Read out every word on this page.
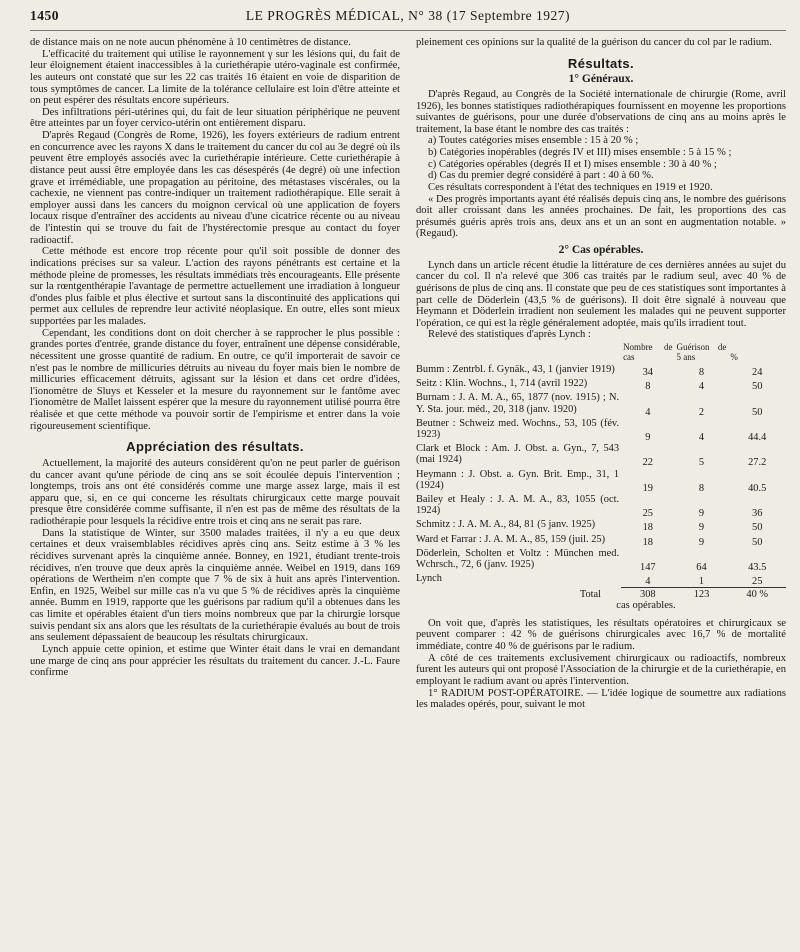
1450	LE PROGRÈS MÉDICAL, N° 38 (17 Septembre 1927)

de distance mais on ne note aucun phénomène à 10 centimètres de distance.

L'efficacité du traitement qui utilise le rayonnement γ sur les lésions qui, du fait de leur éloignement étaient inaccessibles à la curiethérapie utéro-vaginale est confirmée, les auteurs ont constaté que sur les 22 cas traités 16 étaient en voie de disparition de tous symptômes de cancer. La limite de la tolérance cellulaire est loin d'être atteinte et on peut espérer des résultats encore supérieurs.

Des infiltrations péri-utérines qui, du fait de leur situation périphérique ne peuvent être atteintes par un foyer cervico-utérin ont entièrement disparu.

D'après Regaud (Congrès de Rome, 1926), les foyers extérieurs de radium entrent en concurrence avec les rayons X dans le traitement du cancer du col au 3e degré où ils peuvent être employés associés avec la curiethérapie intérieure. Cette curiethérapie à distance peut aussi être employée dans les cas désespérés (4e degré) où une infection grave et irrémédiable, une propagation au péritoine, des métastases viscérales, ou la cachexie, ne viennent pas contre-indiquer un traitement radiothérapique. Elle serait à employer aussi dans les cancers du moignon cervical où une application de foyers locaux risque d'entraîner des accidents au niveau d'une cicatrice récente ou au niveau de l'intestin qui se trouve du fait de l'hystérectomie presque au contact du foyer radioactif.

Cette méthode est encore trop récente pour qu'il soit possible de donner des indications précises sur sa valeur. L'action des rayons pénétrants est certaine et la méthode pleine de promesses, les résultats immédiats très encourageants. Elle présente sur la rœntgenthérapie l'avantage de permettre actuellement une irradiation à longueur d'ondes plus faible et plus élective et surtout sans la discontinuité des applications qui permet aux cellules de reprendre leur activité néoplasique. En outre, elles sont mieux supportées par les malades.

Cependant, les conditions dont on doit chercher à se rapprocher le plus possible : grandes portes d'entrée, grande distance du foyer, entraînent une dépense considérable, nécessitent une grosse quantité de radium. En outre, ce qu'il importerait de savoir ce n'est pas le nombre de millicuries détruits au niveau du foyer mais bien le nombre de millicuries efficacement détruits, agissant sur la lésion et dans cet ordre d'idées, l'ionomètre de Sluys et Kesseler et la mesure du rayonnement sur le fantôme avec l'ionomètre de Mallet laissent espérer que la mesure du rayonnement utilisé pourra être réalisée et que cette méthode va pouvoir sortir de l'empirisme et entrer dans la voie rigoureusement scientifique.

Appréciation des résultats.

Actuellement, la majorité des auteurs considèrent qu'on ne peut parler de guérison du cancer avant qu'une période de cinq ans se soit écoulée depuis l'intervention ; longtemps, trois ans ont été considérés comme une marge assez large, mais il est apparu que, si, en ce qui concerne les résultats chirurgicaux cette marge pouvait presque être considérée comme suffisante, il n'en est pas de même des résultats de la radiothérapie pour lesquels la récidive entre trois et cinq ans ne serait pas rare.

Dans la statistique de Winter, sur 3500 malades traitées, il n'y a eu que deux certaines et deux vraisemblables récidives après cinq ans. Seitz estime à 3 % les récidives survenant après la cinquième année. Bonney, en 1921, étudiant trente-trois récidives, n'en trouve que deux après la cinquième année. Weibel en 1919, dans 169 opérations de Wertheim n'en compte que 7 % de six à huit ans après l'intervention. Enfin, en 1925, Weibel sur mille cas n'a vu que 5 % de récidives après la cinquième année. Bumm en 1919, rapporte que les guérisons par radium qu'il a obtenues dans les cas limite et opérables étaient d'un tiers moins nombreux que par la chirurgie lorsque suivis pendant six ans alors que les résultats de la curiethérapie évalués au bout de trois ans seulement dépassaient de beaucoup les résultats chirurgicaux.

Lynch appuie cette opinion, et estime que Winter était dans le vrai en demandant une marge de cinq ans pour apprécier les résultats du traitement du cancer. J.-L. Faure confirme

pleinement ces opinions sur la qualité de la guérison du cancer du col par le radium.

Résultats.
1° Généraux.

D'après Regaud, au Congrès de la Société internationale de chirurgie (Rome, avril 1926), les bonnes statistiques radiothérapiques fournissent en moyenne les proportions suivantes de guérisons, pour une durée d'observations de cinq ans au moins après le traitement, la base étant le nombre des cas traités :

a) Toutes catégories mises ensemble : 15 à 20 % ;

b) Catégories inopérables (degrés IV et III) mises ensemble : 5 à 15 % ;

c) Catégories opérables (degrés II et I) mises ensemble : 30 à 40 % ;

d) Cas du premier degré considéré à part : 40 à 60 %.

Ces résultats correspondent à l'état des techniques en 1919 et 1920.

« Des progrès importants ayant été réalisés depuis cinq ans, le nombre des guérisons doit aller croissant dans les années prochaines. De fait, les proportions des cas présumés guéris après trois ans, deux ans et un an sont en augmentation notable. » (Regaud).

2° Cas opérables.

Lynch dans un article récent étudie la littérature de ces dernières années au sujet du cancer du col. Il n'a relevé que 306 cas traités par le radium seul, avec 40 % de guérisons de plus de cinq ans. Il constate que peu de ces statistiques sont importantes à part celle de Döderlein (43,5 % de guérisons). Il doit être signalé à nouveau que Heymann et Döderlein irradient non seulement les malades qui ne peuvent supporter l'opération, ce qui est la règle généralement adoptée, mais qu'ils irradient tout.

Relevé des statistiques d'après Lynch :

	Nombre de cas	Guérison de 5 ans	%

Bumm : Zentrbl. f. Gynäk., 43, 1 (janvier 1919)	34	8	24

Seitz : Klin. Wochns., 1, 714 (avril 1922)	8	4	50

Burnam : J. A. M. A., 65, 1877 (nov. 1915) ; N. Y. Sta. jour. méd., 20, 318 (janv. 1920)	4	2	50

Beutner : Schweiz med. Wochns., 53, 105 (fév. 1923)	9	4	44.4

Clark et Block : Am. J. Obst. a. Gyn., 7, 543 (mai 1924)	22	5	27.2

Heymann : J. Obst. a. Gyn. Brit. Emp., 31, 1 (1924)	19	8	40.5

Bailey et Healy : J. A. M. A., 83, 1055 (oct. 1924)	25	9	36

Schmitz : J. A. M. A., 84, 81 (5 janv. 1925)	18	9	50

Ward et Farrar : J. A. M. A., 85, 159 (juil. 25)	18	9	50

Döderlein, Scholten et Voltz : München med. Wchrsch., 72, 6 (janv. 1925)	147	64	43.5

Lynch	4	1	25
Total	308	123	40 %
cas opérables.

On voit que, d'après les statistiques, les résultats opératoires et chirurgicaux se peuvent comparer : 42 % de guérisons chirurgicales avec 16,7 % de mortalité immédiate, contre 40 % de guérisons par le radium.

A côté de ces traitements exclusivement chirurgicaux ou radioactifs, nombreux furent les auteurs qui ont proposé l'Association de la chirurgie et de la curiethérapie, en employant le radium avant ou après l'intervention.

1° RADIUM POST-OPÉRATOIRE. — L'idée logique de soumettre aux radiations les malades opérés, pour, suivant le mot
